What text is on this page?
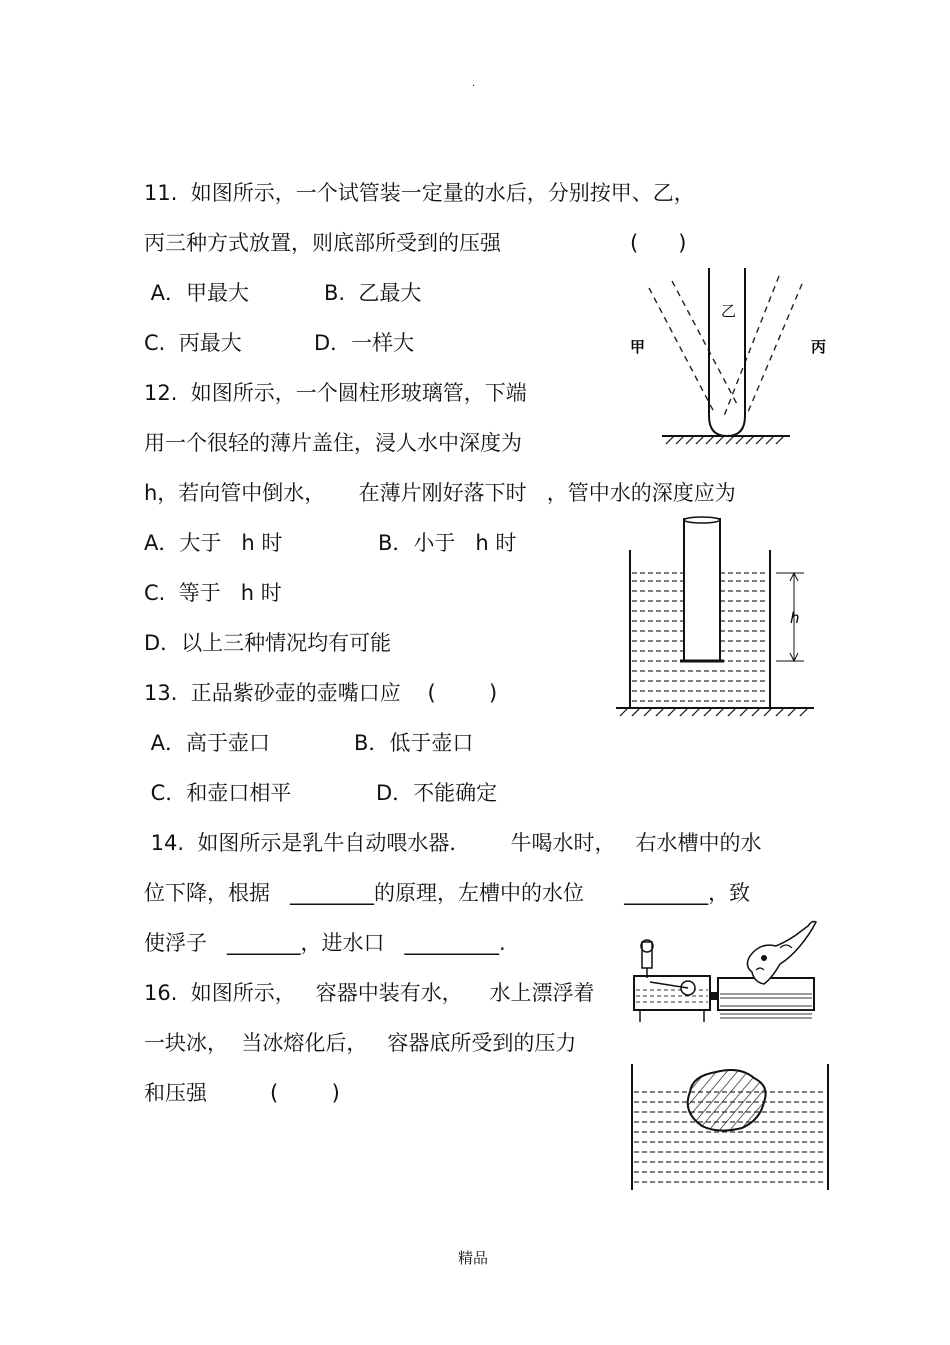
.
11.  如图所示，一个试管装一定量的水后，分别按甲、乙，
丙三种方式放置，则底部所受到的压强	(      )
A．甲最大	B.  乙最大
C.  丙最大	D．一样大
12.  如图所示，一个圆柱形玻璃管，下端
用一个很轻的薄片盖住，浸人水中深度为
h，若向管中倒水，     在薄片刚好落下时   ，管中水的深度应为
A．大于   h 时	B．小于   h 时
C.  等于   h 时
D．以上三种情况均有可能
13.  正品紫砂壶的壶嘴口应    (        )
A．高于壶口	B．低于壶口
C．和壶口相平	D．不能确定
14.  如图所示是乳牛自动喂水器．      牛喝水时，   右水槽中的水
位下降，根据   ________的原理，左槽中的水位      ________，致
使浮子   _______，进水口   _________.
16.  如图所示，   容器中装有水，    水上漂浮着
一块冰，  当冰熔化后，   容器底所受到的压力
和压强	(        )
甲
乙
丙
h
精品
